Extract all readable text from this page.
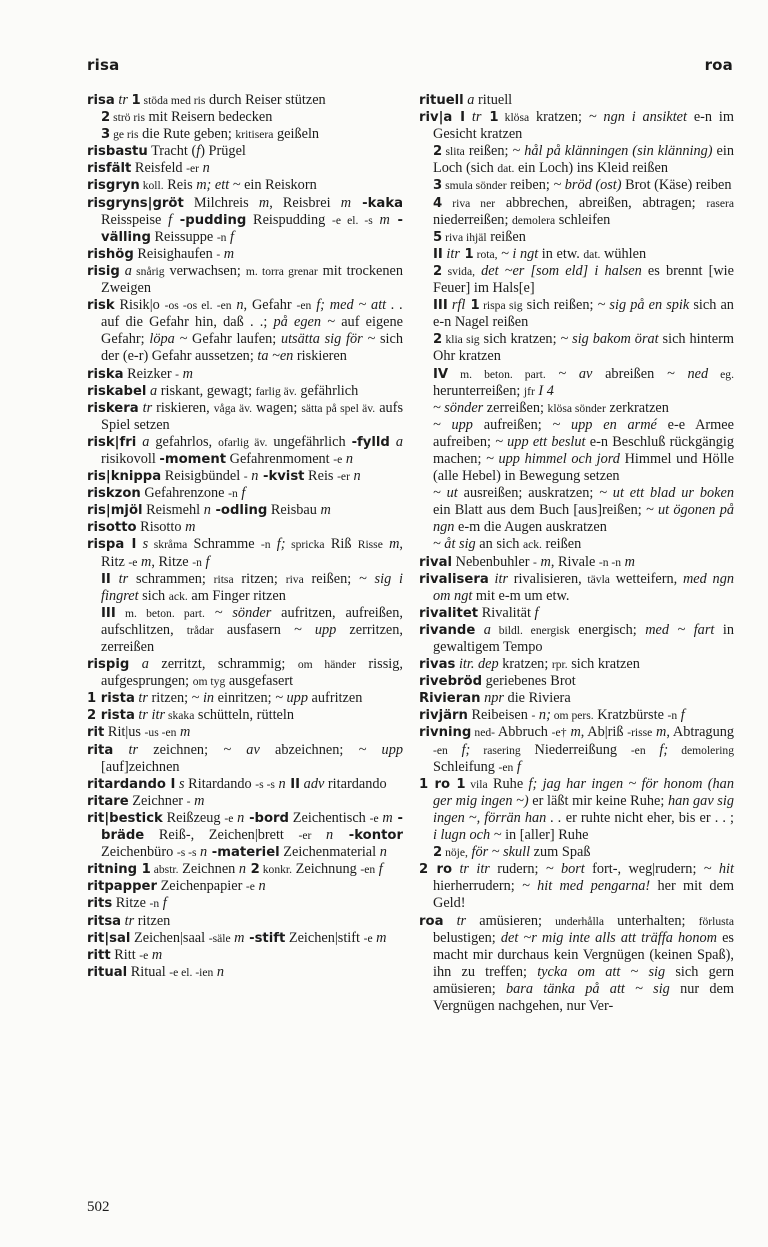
risa	roa

risa tr 1 stöda med ris durch Reiser stützen

2 strö ris mit Reisern bedecken

3 ge ris die Rute geben; kritisera geißeln

risbastu Tracht (f) Prügel

risfält Reisfeld -er n

risgryn koll. Reis m; ett ~ ein Reiskorn

risgryns|gröt Milchreis m, Reisbrei m -kaka Reisspeise f -pudding Reispudding -e el. -s m -välling Reissuppe -n f

rishög Reisighaufen - m

risig a snårig verwachsen; m. torra grenar mit trockenen Zweigen

risk Risik|o -os -os el. -en n, Gefahr -en f; med ~ att . . auf die Gefahr hin, daß . .; på egen ~ auf eigene Gefahr; löpa ~ Gefahr laufen; utsätta sig för ~ sich der (e-r) Gefahr aussetzen; ta ~en riskieren

riska Reizker - m

riskabel a riskant, gewagt; farlig äv. gefährlich

riskera tr riskieren, våga äv. wagen; sätta på spel äv. aufs Spiel setzen

risk|fri a gefahrlos, ofarlig äv. ungefährlich -fylld a risikovoll -moment Gefahrenmoment -e n

ris|knippa Reisigbündel - n -kvist Reis -er n

riskzon Gefahrenzone -n f

ris|mjöl Reismehl n -odling Reisbau m

risotto Risotto m

rispa I s skråma Schramme -n f; spricka Riß Risse m, Ritz -e m, Ritze -n f

II tr schrammen; ritsa ritzen; riva reißen; ~ sig i fingret sich ack. am Finger ritzen

III m. beton. part. ~ sönder aufritzen, aufreißen, aufschlitzen, trådar ausfasern ~ upp zerritzen, zerreißen

rispig a zerritzt, schrammig; om händer rissig, aufgesprungen; om tyg ausgefasert

1 rista tr ritzen; ~ in einritzen; ~ upp aufritzen

2 rista tr itr skaka schütteln, rütteln

rit Rit|us -us -en m

rita tr zeichnen; ~ av abzeichnen; ~ upp [auf]zeichnen

ritardando I s Ritardando -s -s n II adv ritardando

ritare Zeichner - m

rit|bestick Reißzeug -e n -bord Zeichentisch -e m -bräde Reiß-, Zeichen|brett -er n -kontor Zeichenbüro -s -s n -materiel Zeichenmaterial n

ritning 1 abstr. Zeichnen n 2 konkr. Zeichnung -en f

ritpapper Zeichenpapier -e n

rits Ritze -n f

ritsa tr ritzen

rit|sal Zeichen|saal -säle m -stift Zeichen|stift -e m

ritt Ritt -e m

ritual Ritual -e el. -ien n

rituell a rituell

riv|a I tr 1 klösa kratzen; ~ ngn i ansiktet e-n im Gesicht kratzen

2 slita reißen; ~ hål på klänningen (sin klänning) ein Loch (sich dat. ein Loch) ins Kleid reißen

3 smula sönder reiben; ~ bröd (ost) Brot (Käse) reiben

4 riva ner abbrechen, abreißen, abtragen; rasera niederreißen; demolera schleifen

5 riva ihjäl reißen

II itr 1 rota, ~ i ngt in etw. dat. wühlen

2 svida, det ~er [som eld] i halsen es brennt [wie Feuer] im Hals[e]

III rfl 1 rispa sig sich reißen; ~ sig på en spik sich an e-n Nagel reißen

2 klia sig sich kratzen; ~ sig bakom örat sich hinterm Ohr kratzen

IV m. beton. part. ~ av abreißen ~ ned eg. herunterreißen; jfr I 4

~ sönder zerreißen; klösa sönder zerkratzen

~ upp aufreißen; ~ upp en armé e-e Armee aufreiben; ~ upp ett beslut e-n Beschluß rückgängig machen; ~ upp himmel och jord Himmel und Hölle (alle Hebel) in Bewegung setzen

~ ut ausreißen; auskratzen; ~ ut ett blad ur boken ein Blatt aus dem Buch [aus]reißen; ~ ut ögonen på ngn e-m die Augen auskratzen

~ åt sig an sich ack. reißen

rival Nebenbuhler - m, Rivale -n -n m

rivalisera itr rivalisieren, tävla wetteifern, med ngn om ngt mit e-m um etw.

rivalitet Rivalität f

rivande a bildl. energisk energisch; med ~ fart in gewaltigem Tempo

rivas itr. dep kratzen; rpr. sich kratzen

rivebröd geriebenes Brot

Rivieran npr die Riviera

rivjärn Reibeisen - n; om pers. Kratzbürste -n f

rivning ned- Abbruch -e† m, Ab|riß -risse m, Abtragung -en f; rasering Niederreißung -en f; demolering Schleifung -en f

1 ro 1 vila Ruhe f; jag har ingen ~ för honom (han ger mig ingen ~) er läßt mir keine Ruhe; han gav sig ingen ~, förrän han . . er ruhte nicht eher, bis er . . ; i lugn och ~ in [aller] Ruhe

2 nöje, för ~ skull zum Spaß

2 ro tr itr rudern; ~ bort fort-, weg|rudern; ~ hit hierherrudern; ~ hit med pengarna! her mit dem Geld!

roa tr amüsieren; underhålla unterhalten; förlusta belustigen; det ~r mig inte alls att träffa honom es macht mir durchaus kein Vergnügen (keinen Spaß), ihn zu treffen; tycka om att ~ sig sich gern amüsieren; bara tänka på att ~ sig nur dem Vergnügen nachgehen, nur Ver-

502
